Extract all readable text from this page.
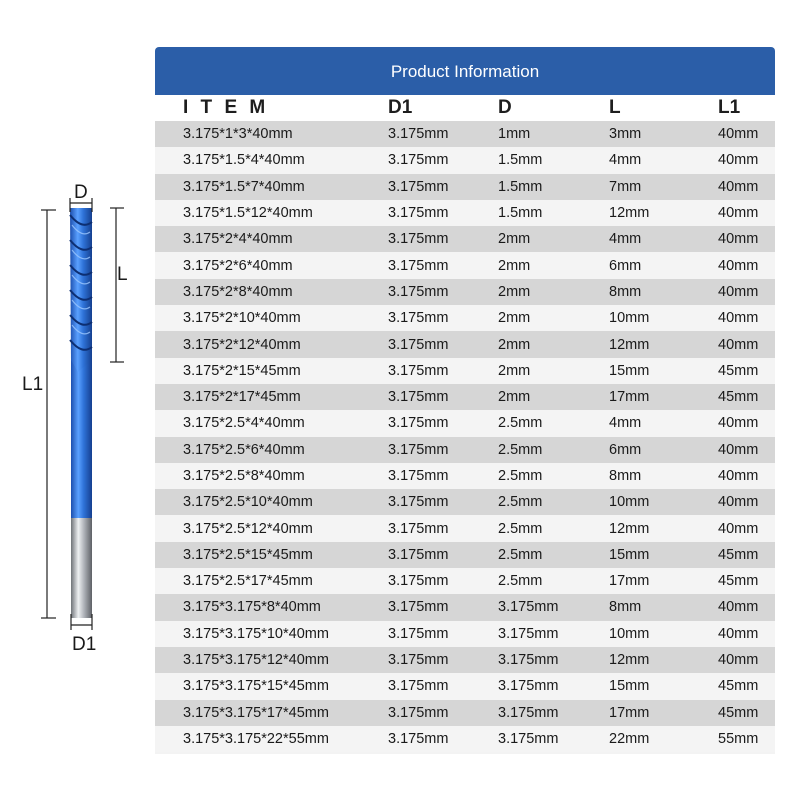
D
L
L1
D1
Product Information
I T E M	D1	D	L	L1
3.175*1*3*40mm	3.175mm	1mm	3mm	40mm
3.175*1.5*4*40mm	3.175mm	1.5mm	4mm	40mm
3.175*1.5*7*40mm	3.175mm	1.5mm	7mm	40mm
3.175*1.5*12*40mm	3.175mm	1.5mm	12mm	40mm
3.175*2*4*40mm	3.175mm	2mm	4mm	40mm
3.175*2*6*40mm	3.175mm	2mm	6mm	40mm
3.175*2*8*40mm	3.175mm	2mm	8mm	40mm
3.175*2*10*40mm	3.175mm	2mm	10mm	40mm
3.175*2*12*40mm	3.175mm	2mm	12mm	40mm
3.175*2*15*45mm	3.175mm	2mm	15mm	45mm
3.175*2*17*45mm	3.175mm	2mm	17mm	45mm
3.175*2.5*4*40mm	3.175mm	2.5mm	4mm	40mm
3.175*2.5*6*40mm	3.175mm	2.5mm	6mm	40mm
3.175*2.5*8*40mm	3.175mm	2.5mm	8mm	40mm
3.175*2.5*10*40mm	3.175mm	2.5mm	10mm	40mm
3.175*2.5*12*40mm	3.175mm	2.5mm	12mm	40mm
3.175*2.5*15*45mm	3.175mm	2.5mm	15mm	45mm
3.175*2.5*17*45mm	3.175mm	2.5mm	17mm	45mm
3.175*3.175*8*40mm	3.175mm	3.175mm	8mm	40mm
3.175*3.175*10*40mm	3.175mm	3.175mm	10mm	40mm
3.175*3.175*12*40mm	3.175mm	3.175mm	12mm	40mm
3.175*3.175*15*45mm	3.175mm	3.175mm	15mm	45mm
3.175*3.175*17*45mm	3.175mm	3.175mm	17mm	45mm
3.175*3.175*22*55mm	3.175mm	3.175mm	22mm	55mm
